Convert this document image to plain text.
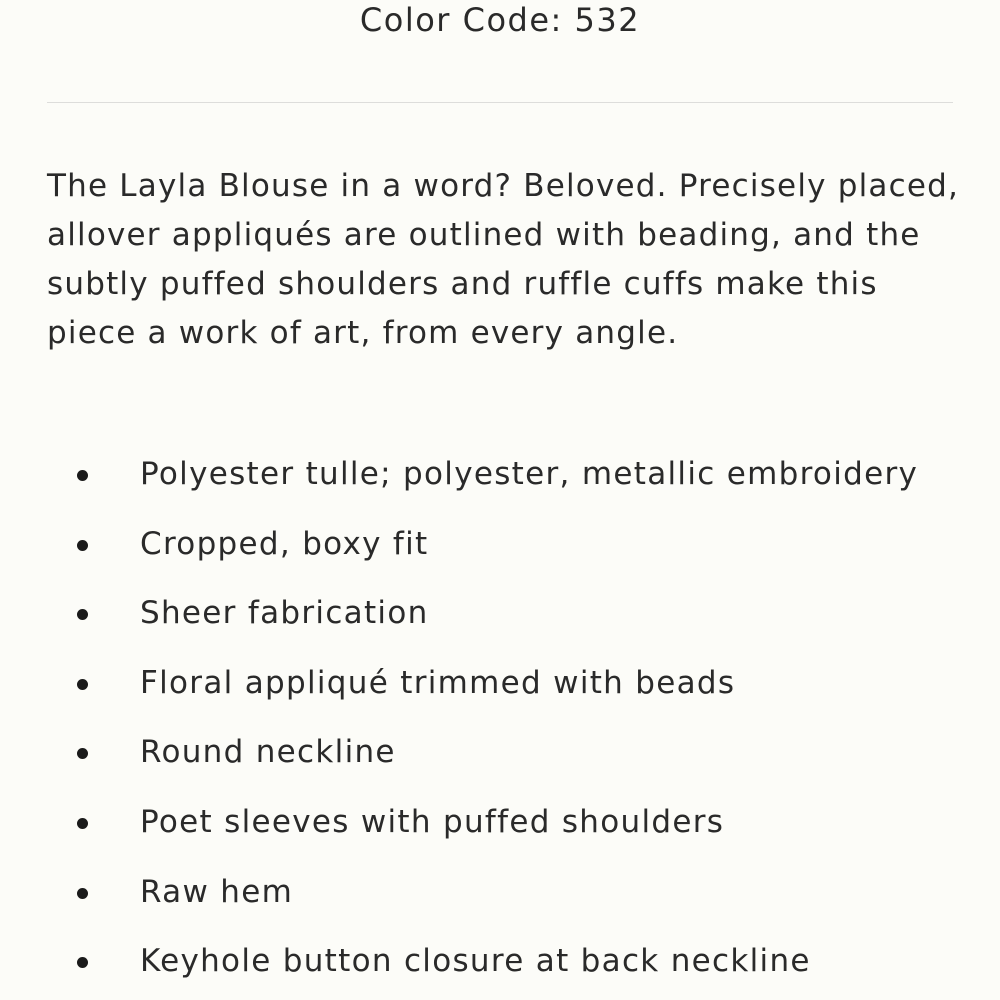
Color Code: 532

The Layla Blouse in a word? Beloved. Precisely placed, allover appliqués are outlined with beading, and the subtly puffed shoulders and ruffle cuffs make this piece a work of art, from every angle.

Polyester tulle; polyester, metallic embroidery
Cropped, boxy fit
Sheer fabrication
Floral appliqué trimmed with beads
Round neckline
Poet sleeves with puffed shoulders
Raw hem
Keyhole button closure at back neckline
